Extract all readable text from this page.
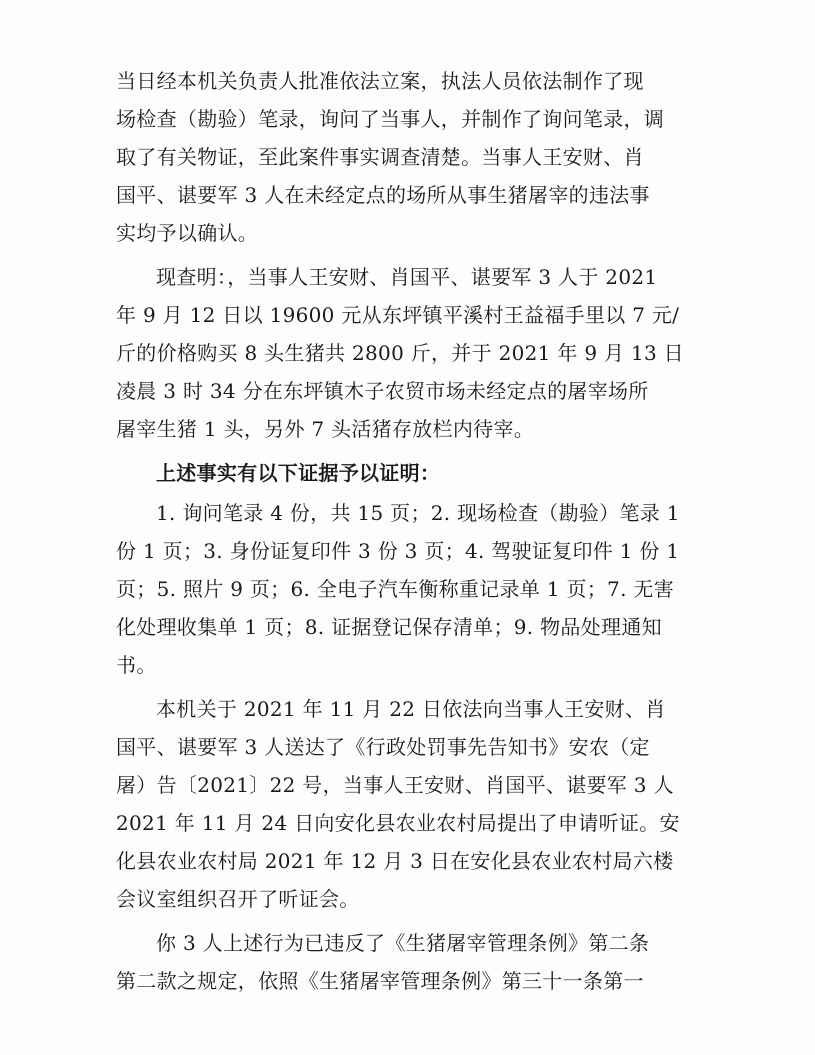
当日经本机关负责人批准依法立案，执法人员依法制作了现
场检查（勘验）笔录，询问了当事人，并制作了询问笔录，调
取了有关物证，至此案件事实调查清楚。当事人王安财、肖
国平、谌要军 3 人在未经定点的场所从事生猪屠宰的违法事
实均予以确认。

现查明：，当事人王安财、肖国平、谌要军 3 人于 2021
年 9 月 12 日以 19600 元从东坪镇平溪村王益福手里以 7 元/
斤的价格购买 8 头生猪共 2800 斤，并于 2021 年 9 月 13 日
凌晨 3 时 34 分在东坪镇木子农贸市场未经定点的屠宰场所
屠宰生猪 1 头，另外 7 头活猪存放栏内待宰。

上述事实有以下证据予以证明：

1. 询问笔录 4 份，共 15 页；2. 现场检查（勘验）笔录 1
份 1 页；3. 身份证复印件 3 份 3 页；4. 驾驶证复印件 1 份 1
页；5. 照片 9 页；6. 全电子汽车衡称重记录单 1 页；7. 无害
化处理收集单 1 页；8. 证据登记保存清单；9. 物品处理通知
书。

本机关于 2021 年 11 月 22 日依法向当事人王安财、肖
国平、谌要军 3 人送达了《行政处罚事先告知书》安农（定
屠）告〔2021〕22 号，当事人王安财、肖国平、谌要军 3 人
2021 年 11 月 24 日向安化县农业农村局提出了申请听证。安
化县农业农村局 2021 年 12 月 3 日在安化县农业农村局六楼
会议室组织召开了听证会。

你 3 人上述行为已违反了《生猪屠宰管理条例》第二条
第二款之规定，依照《生猪屠宰管理条例》第三十一条第一
